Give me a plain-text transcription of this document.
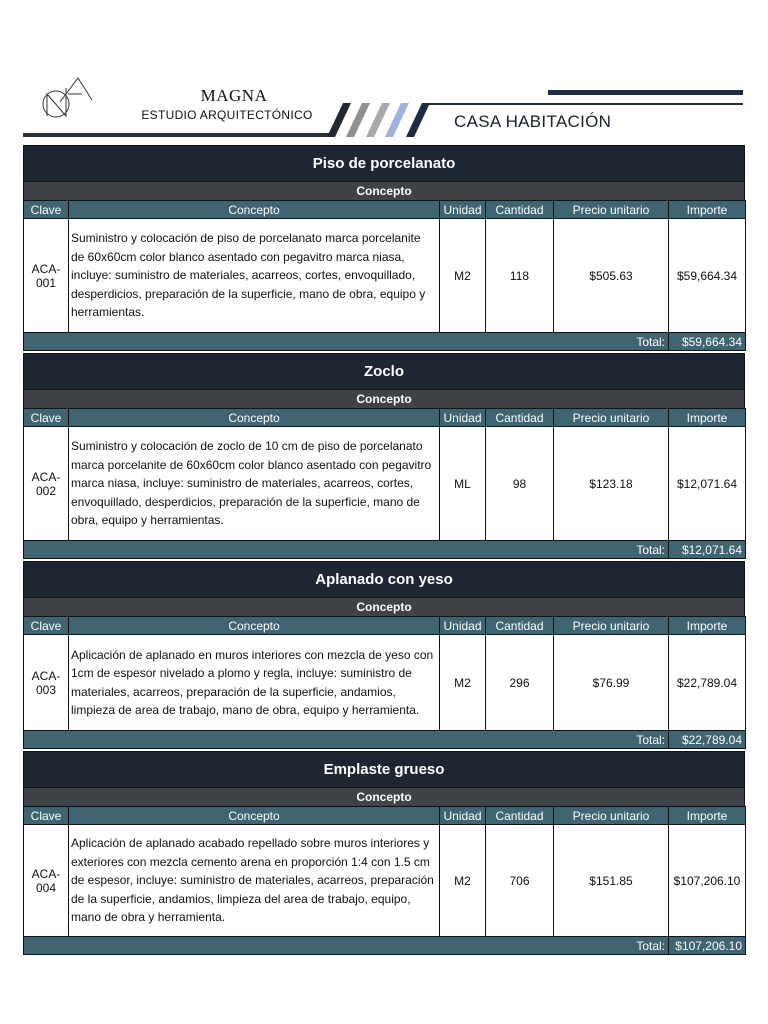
MAGNA
ESTUDIO ARQUITECTÓNICO	CASA HABITACIÓN
Piso de porcelanato
Concepto
Clave	Concepto	Unidad	Cantidad	Precio unitario	Importe
ACA-001	Suministro y colocación de piso de porcelanato marca porcelanite de 60x60cm color blanco asentado con pegavitro marca niasa, incluye: suministro de materiales, acarreos, cortes, envoquillado, desperdicios, preparación de la superficie, mano de obra, equipo y herramientas.	M2	118	$505.63	$59,664.34
Total:					$59,664.34
Zoclo
Concepto
Clave	Concepto	Unidad	Cantidad	Precio unitario	Importe
ACA-002	Suministro y colocación de zoclo de 10 cm de piso de porcelanato marca porcelanite de 60x60cm color blanco asentado con pegavitro marca niasa, incluye: suministro de materiales, acarreos, cortes, envoquillado, desperdicios, preparación de la superficie, mano de obra, equipo y herramientas.	ML	98	$123.18	$12,071.64
Total:					$12,071.64
Aplanado con yeso
Concepto
Clave	Concepto	Unidad	Cantidad	Precio unitario	Importe
ACA-003	Aplicación de aplanado en muros interiores con mezcla de yeso con 1cm de espesor nivelado a plomo y regla, incluye: suministro de materiales, acarreos, preparación de la superficie, andamios, limpieza de area de trabajo, mano de obra, equipo y herramienta.	M2	296	$76.99	$22,789.04
Total:					$22,789.04
Emplaste grueso
Concepto
Clave	Concepto	Unidad	Cantidad	Precio unitario	Importe
ACA-004	Aplicación de aplanado acabado repellado sobre muros interiores y exteriores con mezcla cemento arena en proporción 1:4 con 1.5 cm de espesor, incluye: suministro de materiales, acarreos, preparación de la superficie, andamios, limpieza del area de trabajo, equipo, mano de obra y herramienta.	M2	706	$151.85	$107,206.10
Total:					$107,206.10
